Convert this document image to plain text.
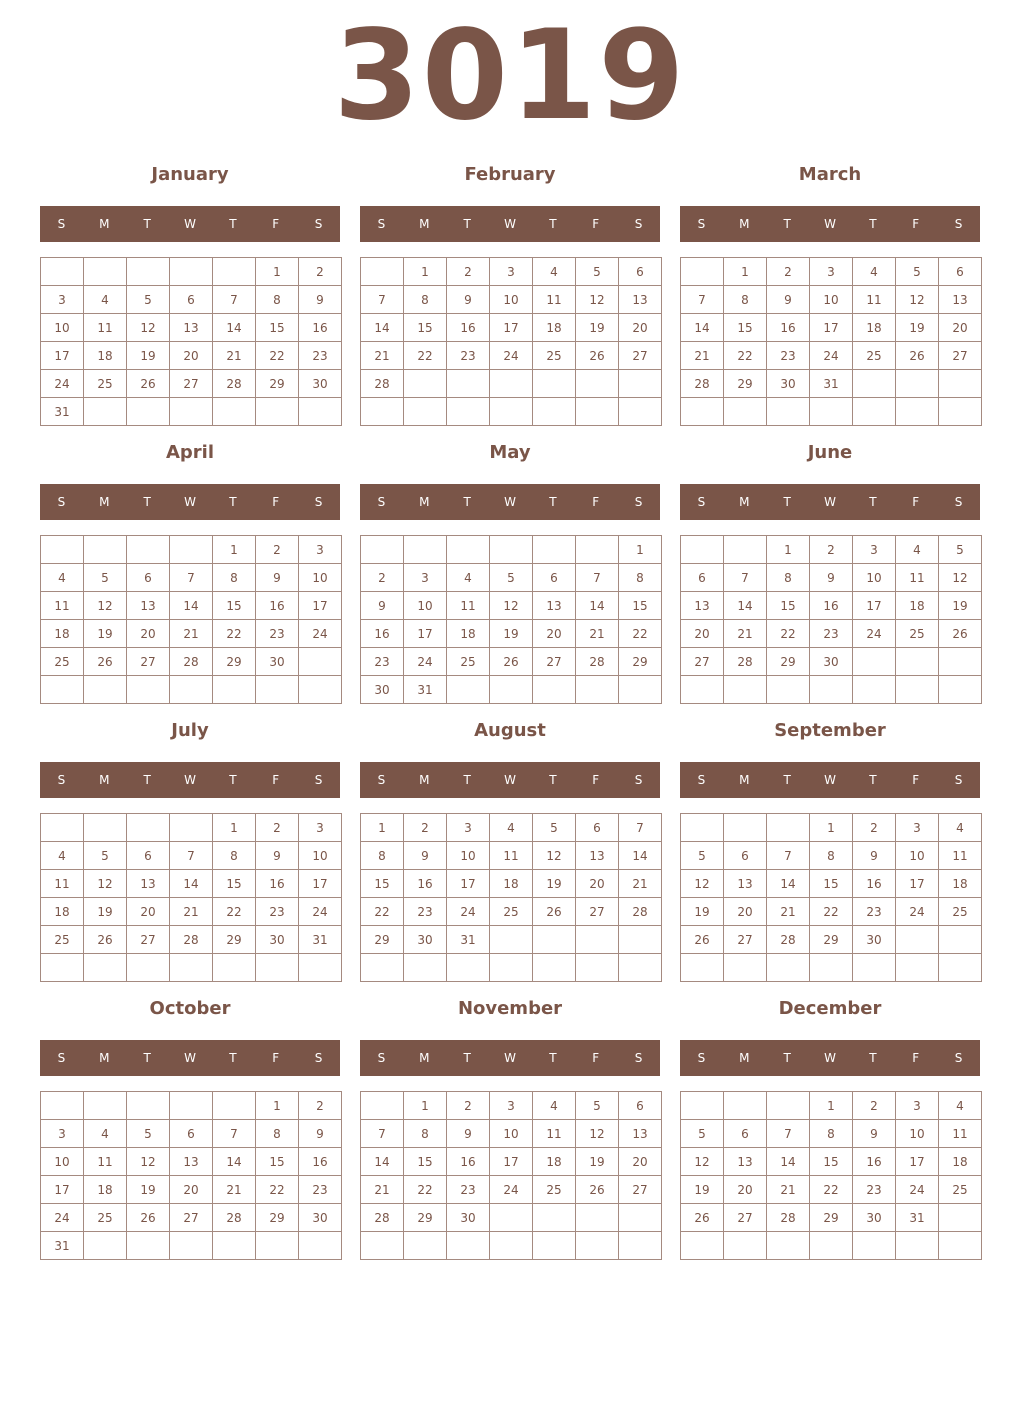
3019
January
S	M	T	W	T	F	S
					1	2
3	4	5	6	7	8	9
10	11	12	13	14	15	16
17	18	19	20	21	22	23
24	25	26	27	28	29	30
31						
February
S	M	T	W	T	F	S
	1	2	3	4	5	6
7	8	9	10	11	12	13
14	15	16	17	18	19	20
21	22	23	24	25	26	27
28						

March
S	M	T	W	T	F	S
	1	2	3	4	5	6
7	8	9	10	11	12	13
14	15	16	17	18	19	20
21	22	23	24	25	26	27
28	29	30	31			

April
S	M	T	W	T	F	S
				1	2	3
4	5	6	7	8	9	10
11	12	13	14	15	16	17
18	19	20	21	22	23	24
25	26	27	28	29	30	

May
S	M	T	W	T	F	S
						1
2	3	4	5	6	7	8
9	10	11	12	13	14	15
16	17	18	19	20	21	22
23	24	25	26	27	28	29
30	31					
June
S	M	T	W	T	F	S
		1	2	3	4	5
6	7	8	9	10	11	12
13	14	15	16	17	18	19
20	21	22	23	24	25	26
27	28	29	30			

July
S	M	T	W	T	F	S
				1	2	3
4	5	6	7	8	9	10
11	12	13	14	15	16	17
18	19	20	21	22	23	24
25	26	27	28	29	30	31

August
S	M	T	W	T	F	S
1	2	3	4	5	6	7
8	9	10	11	12	13	14
15	16	17	18	19	20	21
22	23	24	25	26	27	28
29	30	31				

September
S	M	T	W	T	F	S
			1	2	3	4
5	6	7	8	9	10	11
12	13	14	15	16	17	18
19	20	21	22	23	24	25
26	27	28	29	30		

October
S	M	T	W	T	F	S
					1	2
3	4	5	6	7	8	9
10	11	12	13	14	15	16
17	18	19	20	21	22	23
24	25	26	27	28	29	30
31						
November
S	M	T	W	T	F	S
	1	2	3	4	5	6
7	8	9	10	11	12	13
14	15	16	17	18	19	20
21	22	23	24	25	26	27
28	29	30				

December
S	M	T	W	T	F	S
			1	2	3	4
5	6	7	8	9	10	11
12	13	14	15	16	17	18
19	20	21	22	23	24	25
26	27	28	29	30	31	
